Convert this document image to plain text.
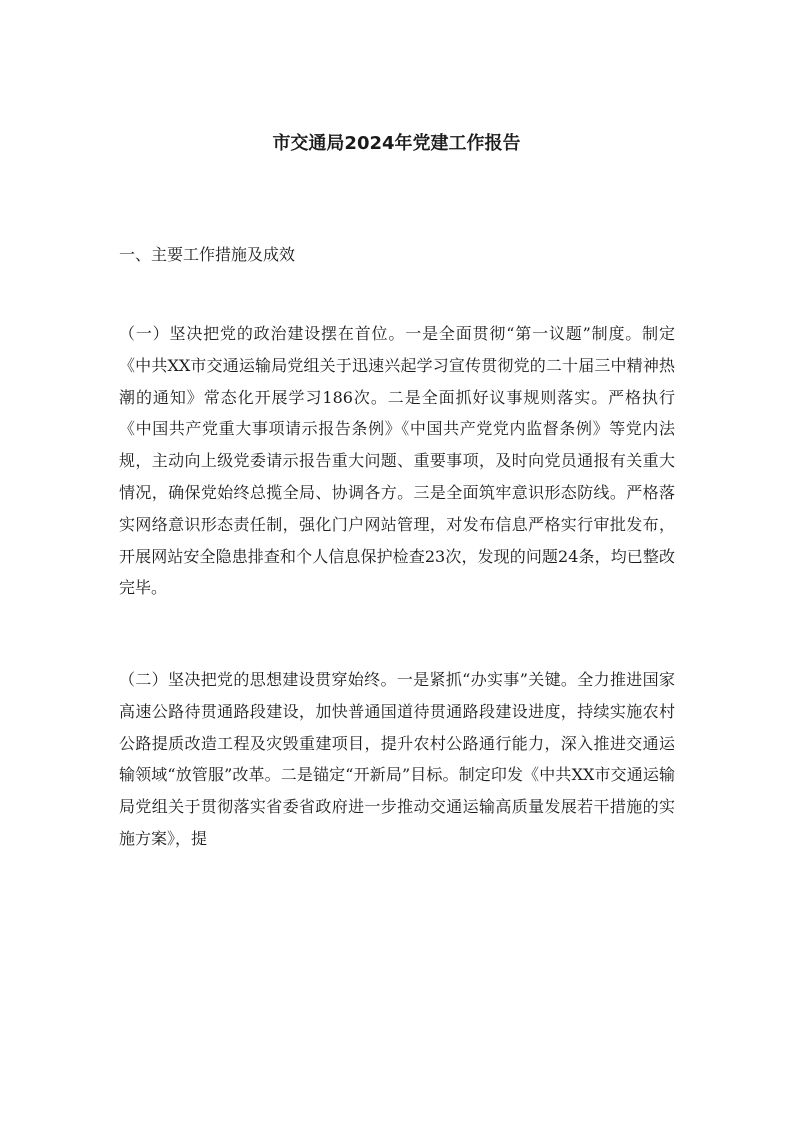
市交通局2024年党建工作报告

一、主要工作措施及成效

（一）坚决把党的政治建设摆在首位。一是全面贯彻“第一议题”制度。制定《中共XX市交通运输局党组关于迅速兴起学习宣传贯彻党的二十届三中精神热潮的通知》常态化开展学习186次。二是全面抓好议事规则落实。严格执行《中国共产党重大事项请示报告条例》《中国共产党党内监督条例》等党内法规，主动向上级党委请示报告重大问题、重要事项，及时向党员通报有关重大情况，确保党始终总揽全局、协调各方。三是全面筑牢意识形态防线。严格落实网络意识形态责任制，强化门户网站管理，对发布信息严格实行审批发布，开展网站安全隐患排查和个人信息保护检查23次，发现的问题24条，均已整改完毕。

（二）坚决把党的思想建设贯穿始终。一是紧抓“办实事”关键。全力推进国家高速公路待贯通路段建设，加快普通国道待贯通路段建设进度，持续实施农村公路提质改造工程及灾毁重建项目，提升农村公路通行能力，深入推进交通运输领域“放管服”改革。二是锚定“开新局”目标。制定印发《中共XX市交通运输局党组关于贯彻落实省委省政府进一步推动交通运输高质量发展若干措施的实施方案》，提
